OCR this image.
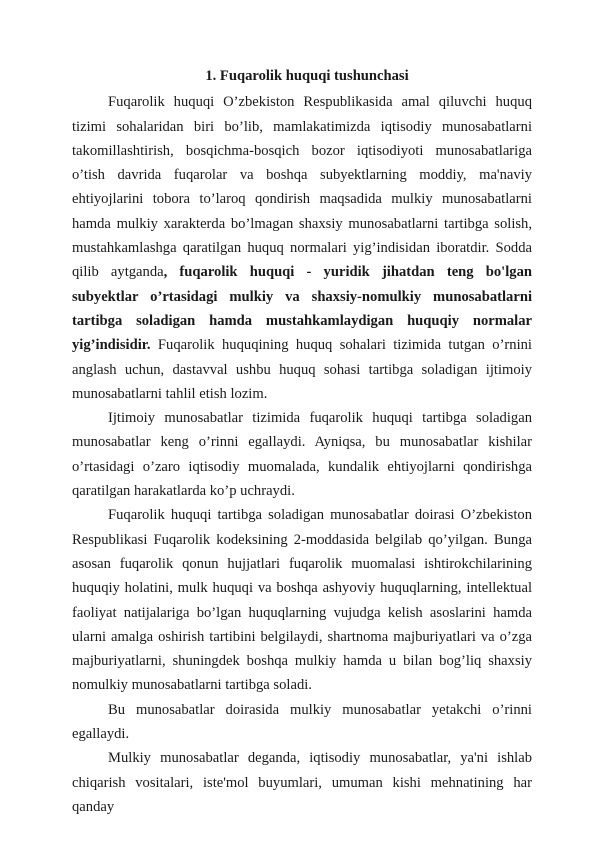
1. Fuqarolik huquqi tushunchasi

Fuqarolik huquqi O’zbekiston Respublikasida amal qiluvchi huquq tizimi sohalaridan biri bo’lib, mamlakatimizda iqtisodiy munosabatlarni takomillashtirish, bosqichma-bosqich bozor iqtisodiyoti munosabatlariga o’tish davrida fuqarolar va boshqa subyektlarning moddiy, ma'naviy ehtiyojlarini tobora to’laroq qondirish maqsadida mulkiy munosabatlarni hamda mulkiy xarakterda bo’lmagan shaxsiy munosabatlarni tartibga solish, mustahkamlashga qaratilgan huquq normalari yig’indisidan iboratdir. Sodda qilib aytganda, fuqarolik huquqi - yuridik jihatdan teng bo'lgan subyektlar o’rtasidagi mulkiy va shaxsiy-nomulkiy munosabatlarni tartibga soladigan hamda mustahkamlaydigan huquqiy normalar yig’indisidir. Fuqarolik huquqining huquq sohalari tizimida tutgan o’rnini anglash uchun, dastavval ushbu huquq sohasi tartibga soladigan ijtimoiy munosabatlarni tahlil etish lozim.

Ijtimoiy munosabatlar tizimida fuqarolik huquqi tartibga soladigan munosabatlar keng o’rinni egallaydi. Ayniqsa, bu munosabatlar kishilar o’rtasidagi o’zaro iqtisodiy muomalada, kundalik ehtiyojlarni qondirishga qaratilgan harakatlarda ko’p uchraydi.

Fuqarolik huquqi tartibga soladigan munosabatlar doirasi O’zbekiston Respublikasi Fuqarolik kodeksining 2-moddasida belgilab qo’yilgan. Bunga asosan fuqarolik qonun hujjatlari fuqarolik muomalasi ishtirokchilarining huquqiy holatini, mulk huquqi va boshqa ashyoviy huquqlarning, intellektual faoliyat natijalariga bo’lgan huquqlarning vujudga kelish asoslarini hamda ularni amalga oshirish tartibini belgilaydi, shartnoma majburiyatlari va o’zga majburiyatlarni, shuningdek boshqa mulkiy hamda u bilan bog’liq shaxsiy nomulkiy munosabatlarni tartibga soladi.

Bu munosabatlar doirasida mulkiy munosabatlar yetakchi o’rinni egallaydi.

Mulkiy munosabatlar deganda, iqtisodiy munosabatlar, ya'ni ishlab chiqarish vositalari, iste'mol buyumlari, umuman kishi mehnatining har qanday
